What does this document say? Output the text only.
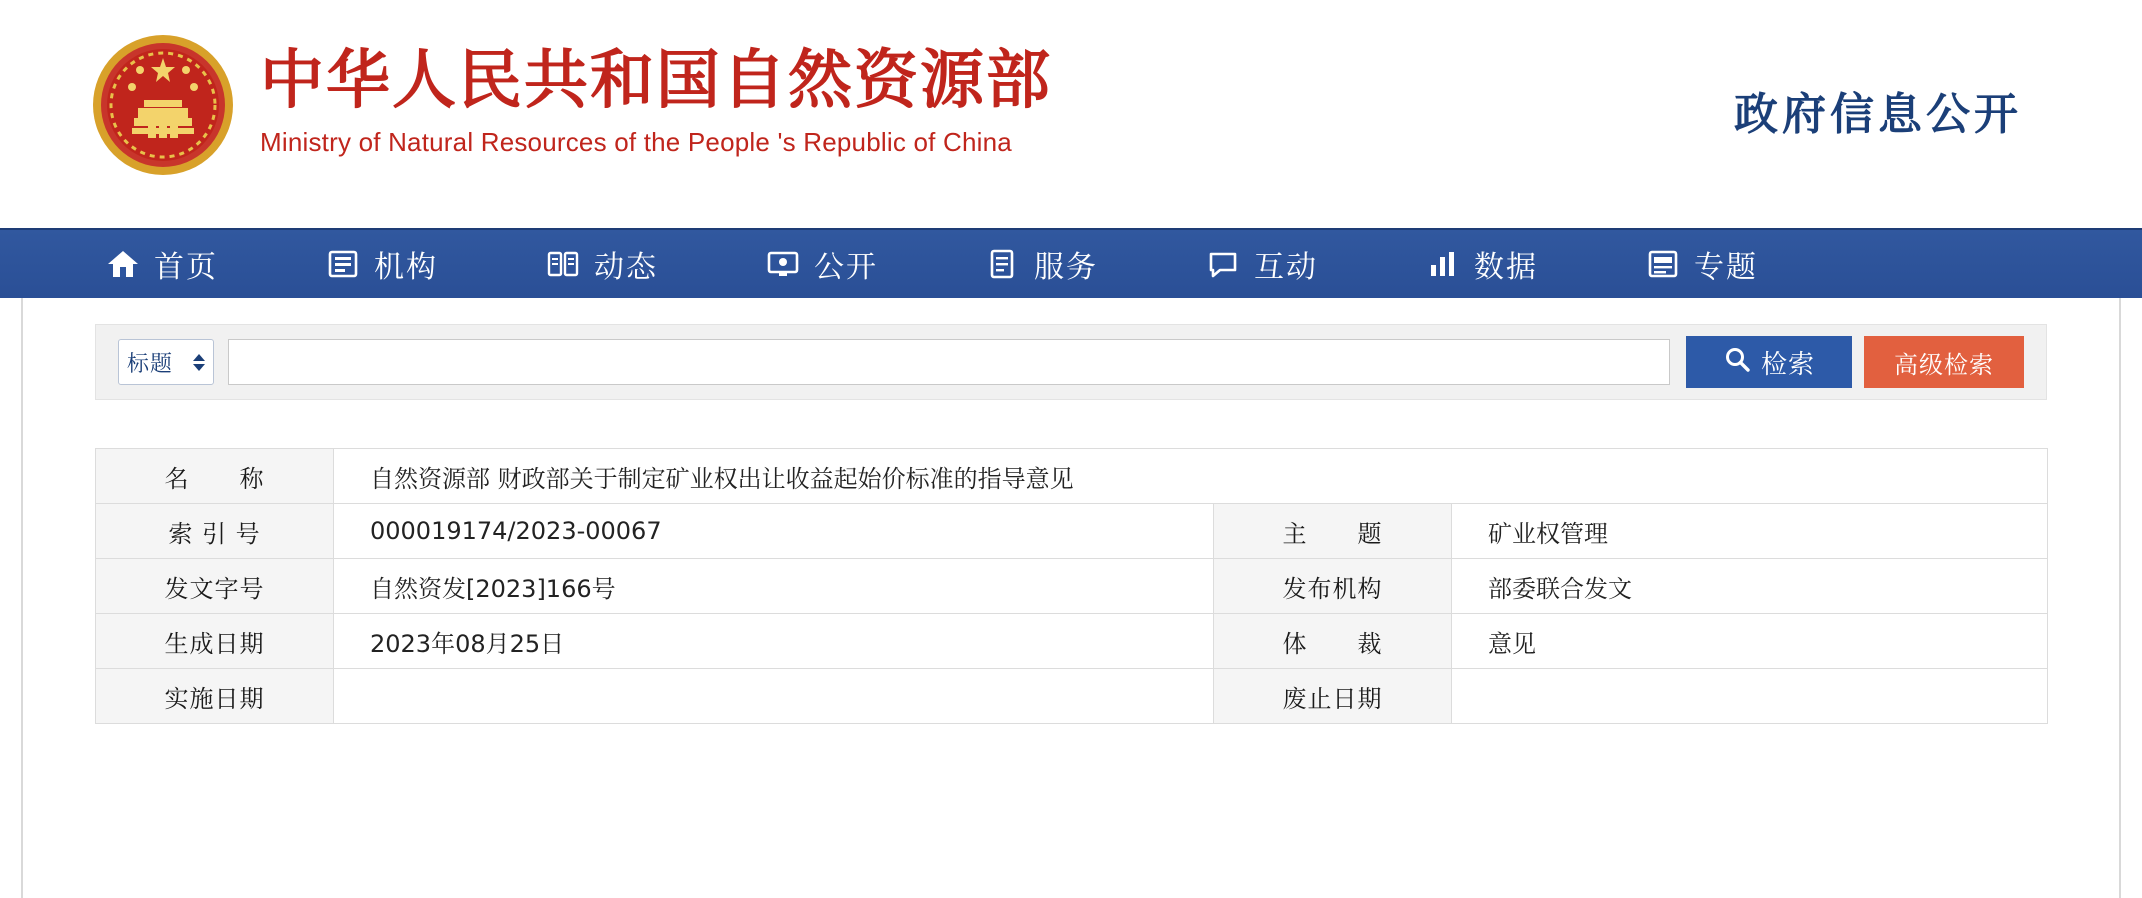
中华人民共和国自然资源部
Ministry of Natural Resources of the People 's Republic of China
政府信息公开
首页	机构	动态	公开	服务	互动	数据	专题
标题	检索	高级检索
名　　称	自然资源部 财政部关于制定矿业权出让收益起始价标准的指导意见		
索 引 号	000019174/2023-00067	主　　题	矿业权管理
发文字号	自然资发[2023]166号	发布机构	部委联合发文
生成日期	2023年08月25日	体　　裁	意见
实施日期		废止日期	
